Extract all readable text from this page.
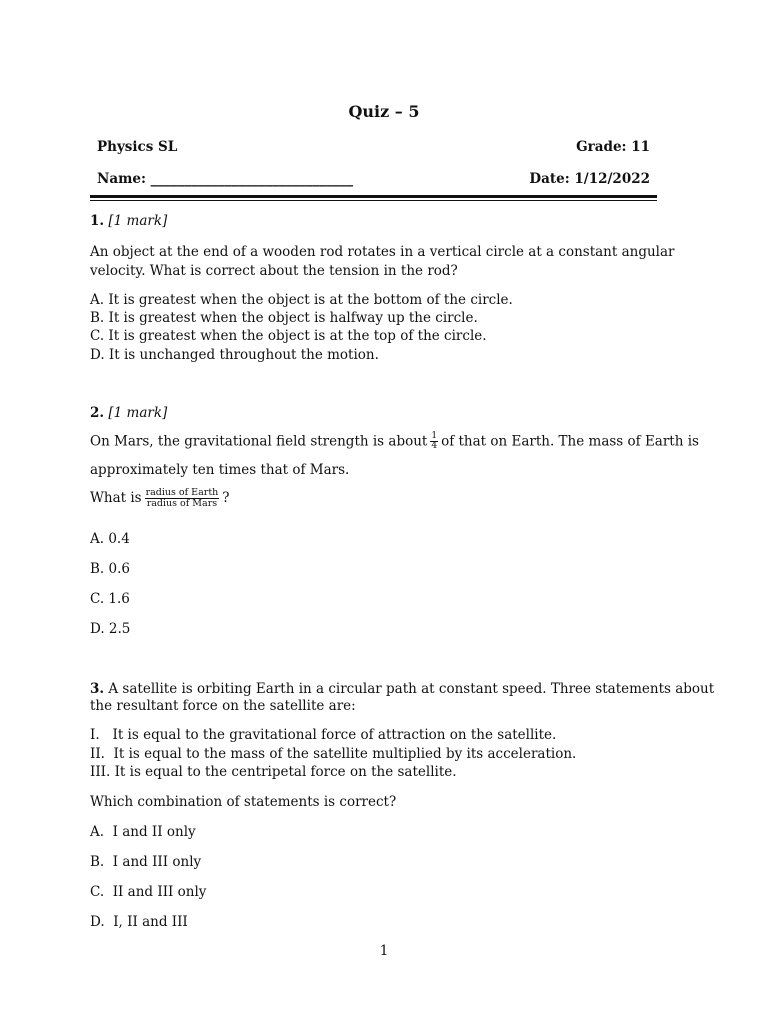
Quiz – 5
Physics SL	Grade: 11
Name: ______________________________	Date: 1/12/2022
1. [1 mark]
An object at the end of a wooden rod rotates in a vertical circle at a constant angular
velocity. What is correct about the tension in the rod?
A. It is greatest when the object is at the bottom of the circle.
B. It is greatest when the object is halfway up the circle.
C. It is greatest when the object is at the top of the circle.
D. It is unchanged throughout the motion.
2. [1 mark]
On Mars, the gravitational field strength is about $\frac{1}{4}$ of that on Earth. The mass of Earth is
approximately ten times that of Mars.
What is $\frac{\text{radius of Earth}}{\text{radius of Mars}}$ ?
A. 0.4
B. 0.6
C. 1.6
D. 2.5
3. A satellite is orbiting Earth in a circular path at constant speed. Three statements about
the resultant force on the satellite are:
I.   It is equal to the gravitational force of attraction on the satellite.
II.  It is equal to the mass of the satellite multiplied by its acceleration.
III. It is equal to the centripetal force on the satellite.
Which combination of statements is correct?
A.  I and II only
B.  I and III only
C.  II and III only
D.  I, II and III
1
